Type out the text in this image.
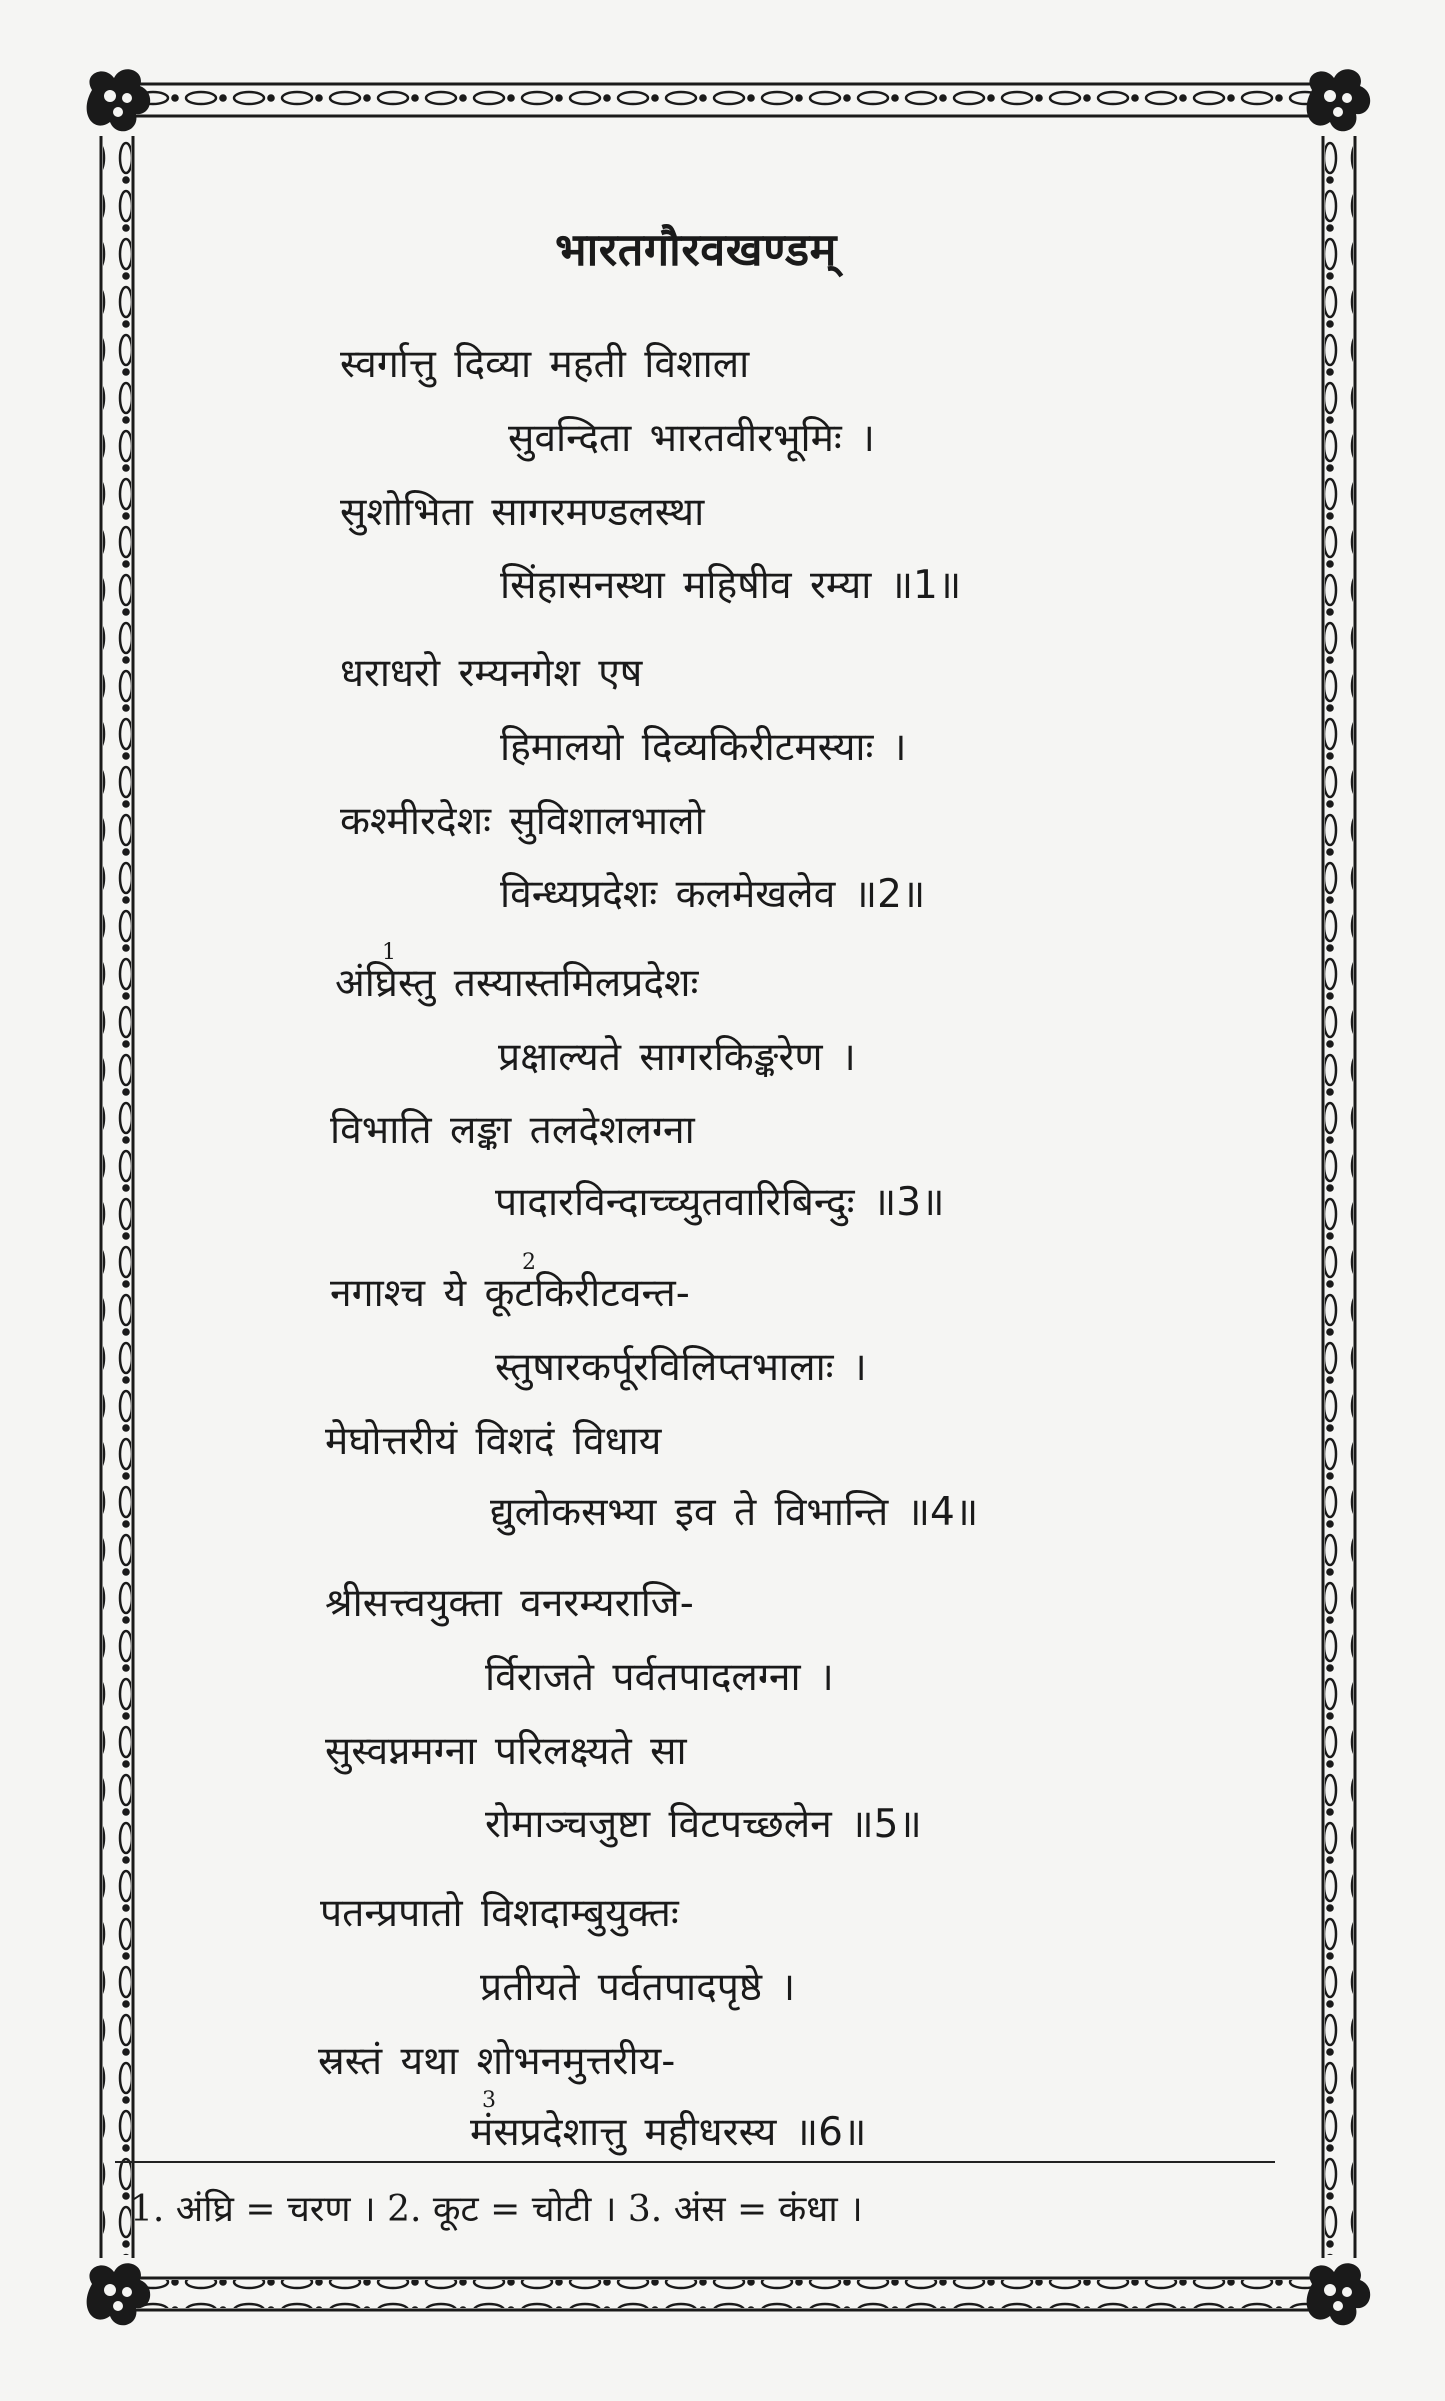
भारतगौरवखण्डम्
स्वर्गात्तु दिव्या महती विशाला
सुवन्दिता भारतवीरभूमिः ।
सुशोभिता सागरमण्डलस्था
सिंहासनस्था महिषीव रम्या ॥1॥
धराधरो रम्यनगेश एष
हिमालयो दिव्यकिरीटमस्याः ।
कश्मीरदेशः सुविशालभालो
विन्ध्यप्रदेशः कलमेखलेव ॥2॥
अंघ्रिस्तु तस्यास्तमिलप्रदेशः
प्रक्षाल्यते सागरकिङ्करेण ।
विभाति लङ्का तलदेशलग्ना
पादारविन्दाच्च्युतवारिबिन्दुः ॥3॥
नगाश्च ये कूटकिरीटवन्त-
स्तुषारकर्पूरविलिप्तभालाः ।
मेघोत्तरीयं विशदं विधाय
द्युलोकसभ्या इव ते विभान्ति ॥4॥
श्रीसत्त्वयुक्ता वनरम्यराजि-
र्विराजते पर्वतपादलग्ना ।
सुस्वप्नमग्ना परिलक्ष्यते सा
रोमाञ्चजुष्टा विटपच्छलेन ॥5॥
पतन्प्रपातो विशदाम्बुयुक्तः
प्रतीयते पर्वतपादपृष्ठे ।
स्रस्तं यथा शोभनमुत्तरीय-
मंसप्रदेशात्तु महीधरस्य ॥6॥
1
2
3
1. अंघ्रि = चरण । 2. कूट = चोटी । 3. अंस = कंधा ।
